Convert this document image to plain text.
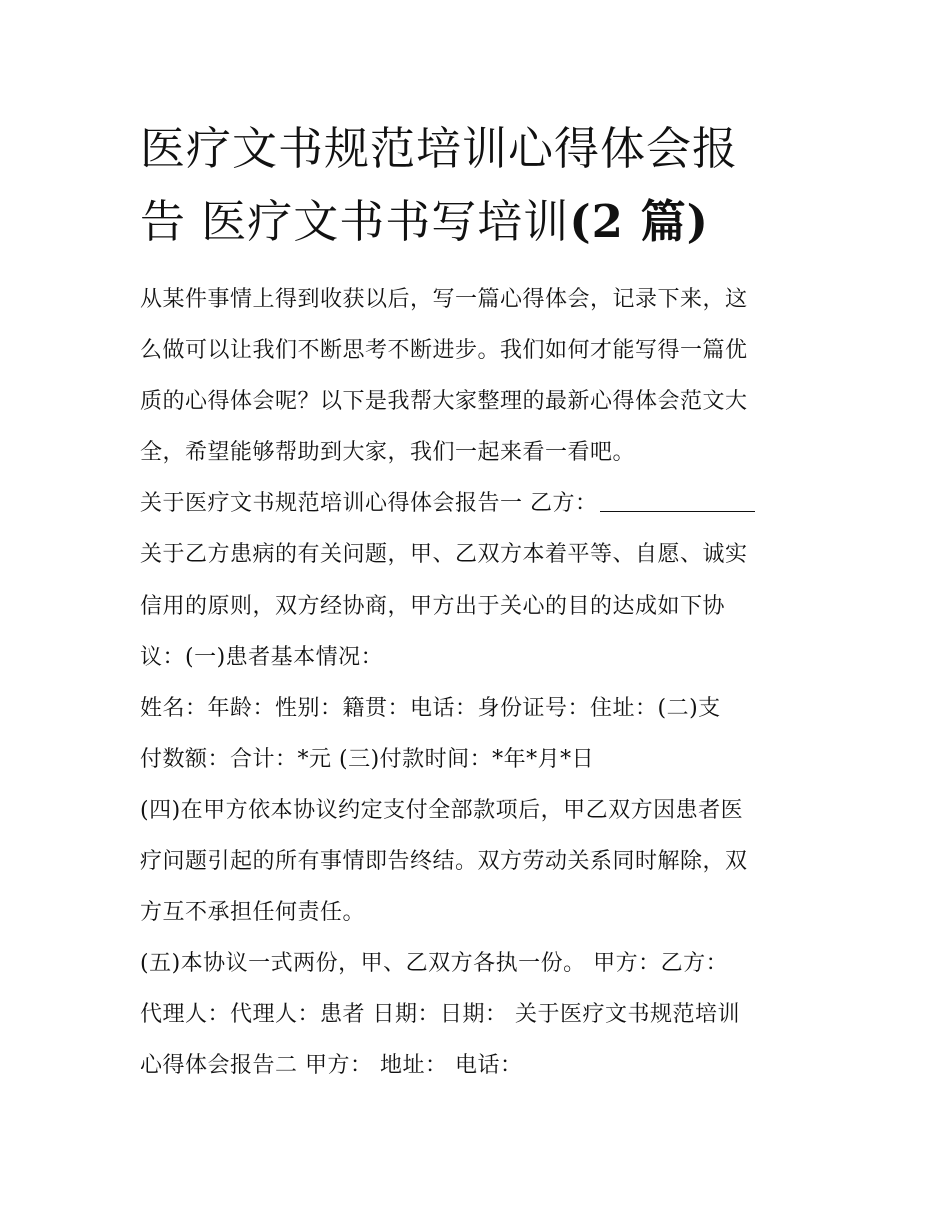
医疗文书规范培训心得体会报
告 医疗文书书写培训(2 篇)
从某件事情上得到收获以后，写一篇心得体会，记录下来，这
么做可以让我们不断思考不断进步。我们如何才能写得一篇优
质的心得体会呢？以下是我帮大家整理的最新心得体会范文大
全，希望能够帮助到大家，我们一起来看一看吧。
关于医疗文书规范培训心得体会报告一 乙方：
关于乙方患病的有关问题，甲、乙双方本着平等、自愿、诚实
信用的原则，双方经协商，甲方出于关心的目的达成如下协
议：(一)患者基本情况：
姓名：年龄：性别：籍贯：电话：身份证号：住址：(二)支
付数额：合计：*元 (三)付款时间：*年*月*日
(四)在甲方依本协议约定支付全部款项后，甲乙双方因患者医
疗问题引起的所有事情即告终结。双方劳动关系同时解除，双
方互不承担任何责任。
(五)本协议一式两份，甲、乙双方各执一份。 甲方：乙方：
代理人：代理人：患者 日期：日期： 关于医疗文书规范培训
心得体会报告二 甲方： 地址： 电话：
